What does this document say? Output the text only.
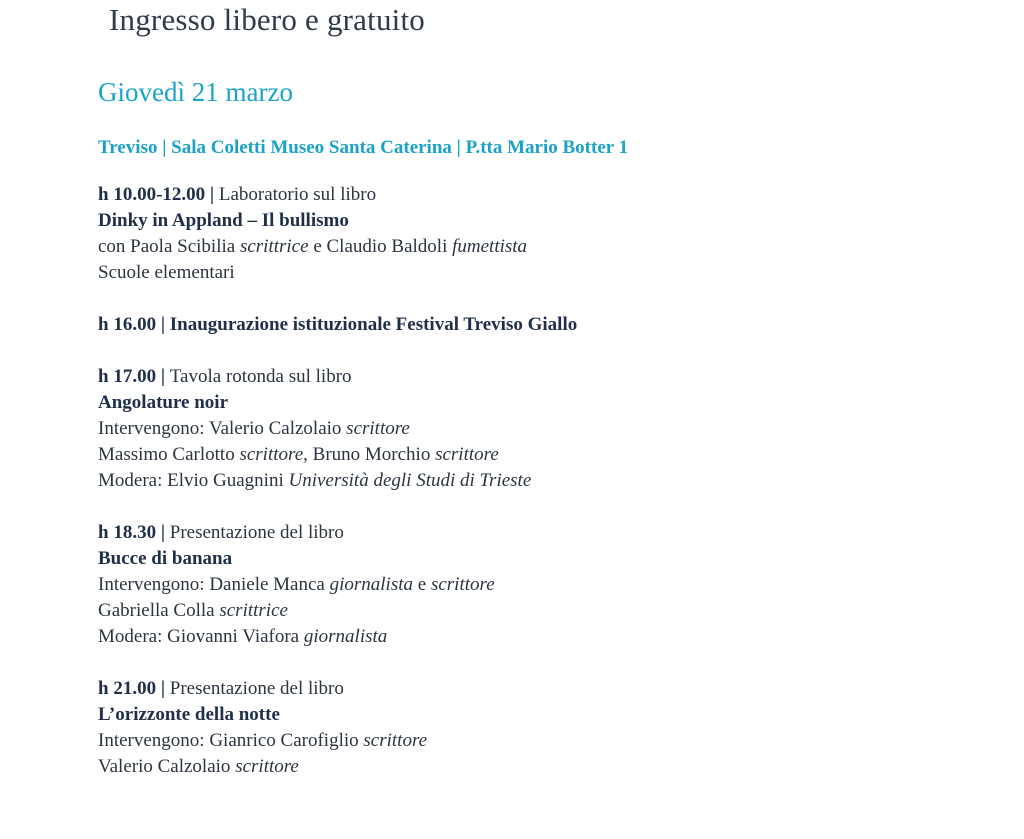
Ingresso libero e gratuito
Giovedì 21 marzo
Treviso | Sala Coletti Museo Santa Caterina | P.tta Mario Botter 1
h 10.00-12.00 | Laboratorio sul libro
Dinky in Appland – Il bullismo
con Paola Scibilia scrittrice e Claudio Baldoli fumettista
Scuole elementari
h 16.00 | Inaugurazione istituzionale Festival Treviso Giallo
h 17.00 | Tavola rotonda sul libro
Angolature noir
Intervengono: Valerio Calzolaio scrittore
Massimo Carlotto scrittore, Bruno Morchio scrittore
Modera: Elvio Guagnini Università degli Studi di Trieste
h 18.30 | Presentazione del libro
Bucce di banana
Intervengono: Daniele Manca giornalista e scrittore
Gabriella Colla scrittrice
Modera: Giovanni Viafora giornalista
h 21.00 | Presentazione del libro
L’orizzonte della notte
Intervengono: Gianrico Carofiglio scrittore
Valerio Calzolaio scrittore
